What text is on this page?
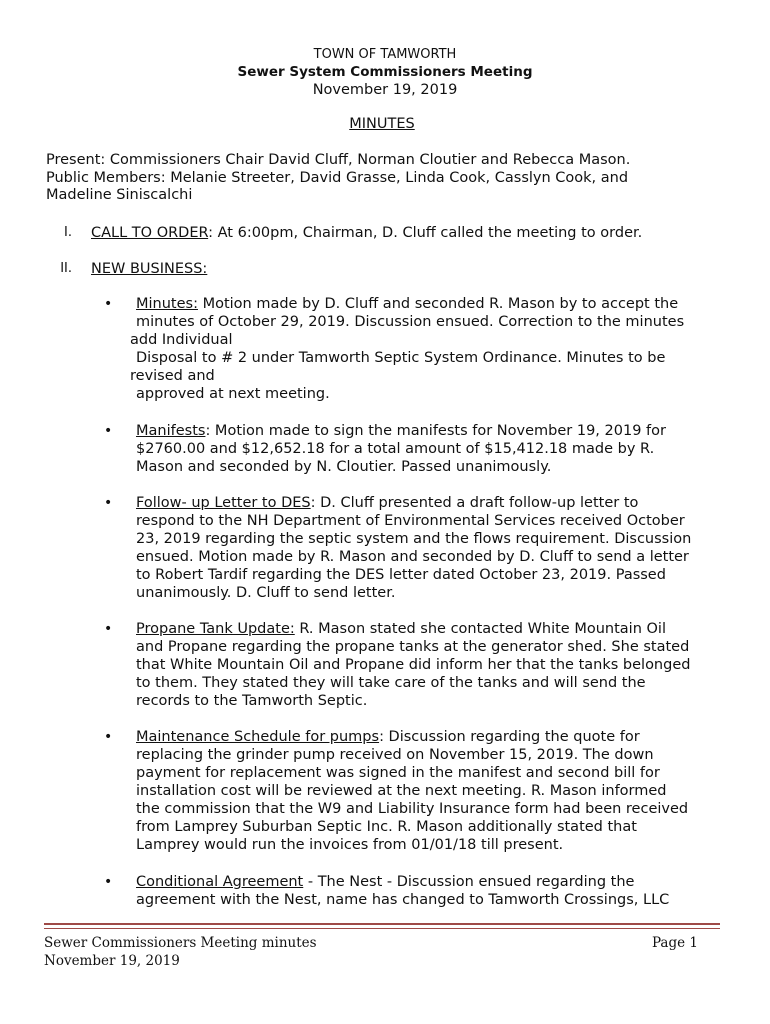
TOWN OF TAMWORTH
Sewer System Commissioners Meeting
November 19, 2019
MINUTES
Present: Commissioners Chair David Cluff, Norman Cloutier and Rebecca Mason.
Public Members: Melanie Streeter, David Grasse, Linda Cook, Casslyn Cook, and
Madeline Siniscalchi
I. CALL TO ORDER: At 6:00pm, Chairman, D. Cluff called the meeting to order.
II. NEW BUSINESS:
• Minutes: Motion made by D. Cluff and seconded R. Mason by to accept the
minutes of October 29, 2019. Discussion ensued. Correction to the minutes
add Individual
Disposal to # 2 under Tamworth Septic System Ordinance. Minutes to be
revised and
approved at next meeting.
• Manifests: Motion made to sign the manifests for November 19, 2019 for
$2760.00 and $12,652.18 for a total amount of $15,412.18 made by R.
Mason and seconded by N. Cloutier. Passed unanimously.
• Follow- up Letter to DES: D. Cluff presented a draft follow-up letter to
respond to the NH Department of Environmental Services received October
23, 2019 regarding the septic system and the flows requirement. Discussion
ensued. Motion made by R. Mason and seconded by D. Cluff to send a letter
to Robert Tardif regarding the DES letter dated October 23, 2019. Passed
unanimously. D. Cluff to send letter.
• Propane Tank Update: R. Mason stated she contacted White Mountain Oil
and Propane regarding the propane tanks at the generator shed. She stated
that White Mountain Oil and Propane did inform her that the tanks belonged
to them. They stated they will take care of the tanks and will send the
records to the Tamworth Septic.
• Maintenance Schedule for pumps: Discussion regarding the quote for
replacing the grinder pump received on November 15, 2019. The down
payment for replacement was signed in the manifest and second bill for
installation cost will be reviewed at the next meeting. R. Mason informed
the commission that the W9 and Liability Insurance form had been received
from Lamprey Suburban Septic Inc. R. Mason additionally stated that
Lamprey would run the invoices from 01/01/18 till present.
• Conditional Agreement - The Nest - Discussion ensued regarding the
agreement with the Nest, name has changed to Tamworth Crossings, LLC
Sewer Commissioners Meeting minutes
November 19, 2019
Page 1
